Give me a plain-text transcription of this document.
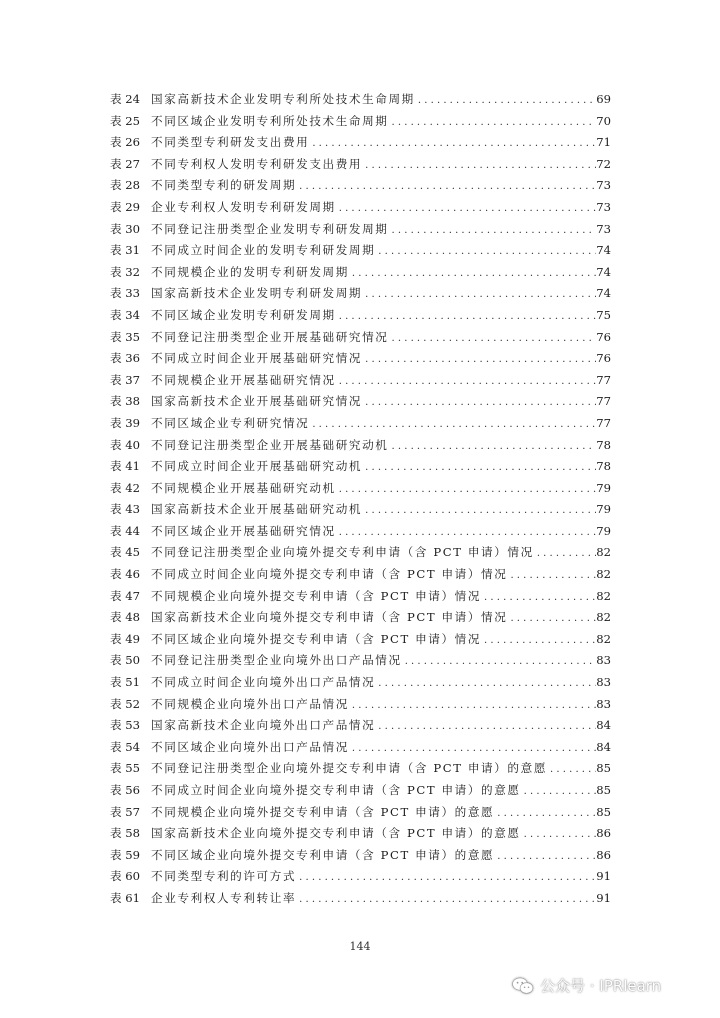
表 24 国家高新技术企业发明专利所处技术生命周期 . . .	69
表 25 不同区域企业发明专利所处技术生命周期 . . .	70
表 26 不同类型专利研发支出费用 . . .	71
表 27 不同专利权人发明专利研发支出费用 . . .	72
表 28 不同类型专利的研发周期 . . .	73
表 29 企业专利权人发明专利研发周期 . . .	73
表 30 不同登记注册类型企业发明专利研发周期 . . .	73
表 31 不同成立时间企业的发明专利研发周期 . . .	74
表 32 不同规模企业的发明专利研发周期 . . .	74
表 33 国家高新技术企业发明专利研发周期 . . .	74
表 34 不同区域企业发明专利研发周期 . . .	75
表 35 不同登记注册类型企业开展基础研究情况 . . .	76
表 36 不同成立时间企业开展基础研究情况 . . .	76
表 37 不同规模企业开展基础研究情况 . . .	77
表 38 国家高新技术企业开展基础研究情况 . . .	77
表 39 不同区域企业专利研究情况 . . .	77
表 40 不同登记注册类型企业开展基础研究动机 . . .	78
表 41 不同成立时间企业开展基础研究动机 . . .	78
表 42 不同规模企业开展基础研究动机 . . .	79
表 43 国家高新技术企业开展基础研究动机 . . .	79
表 44 不同区域企业开展基础研究情况 . . .	79
表 45 不同登记注册类型企业向境外提交专利申请（含 PCT 申请）情况 . . .	82
表 46 不同成立时间企业向境外提交专利申请（含 PCT 申请）情况 . . .	82
表 47 不同规模企业向境外提交专利申请（含 PCT 申请）情况 . . .	82
表 48 国家高新技术企业向境外提交专利申请（含 PCT 申请）情况 . . .	82
表 49 不同区域企业向境外提交专利申请（含 PCT 申请）情况 . . .	82
表 50 不同登记注册类型企业向境外出口产品情况 . . .	83
表 51 不同成立时间企业向境外出口产品情况 . . .	83
表 52 不同规模企业向境外出口产品情况 . . .	83
表 53 国家高新技术企业向境外出口产品情况 . . .	84
表 54 不同区域企业向境外出口产品情况 . . .	84
表 55 不同登记注册类型企业向境外提交专利申请（含 PCT 申请）的意愿 . . .	85
表 56 不同成立时间企业向境外提交专利申请（含 PCT 申请）的意愿 . . .	85
表 57 不同规模企业向境外提交专利申请（含 PCT 申请）的意愿 . . .	85
表 58 国家高新技术企业向境外提交专利申请（含 PCT 申请）的意愿 . . .	86
表 59 不同区域企业向境外提交专利申请（含 PCT 申请）的意愿 . . .	86
表 60 不同类型专利的许可方式 . . .	91
表 61 企业专利权人专利转让率 . . .	91
144
公众号 · IPRlearn
